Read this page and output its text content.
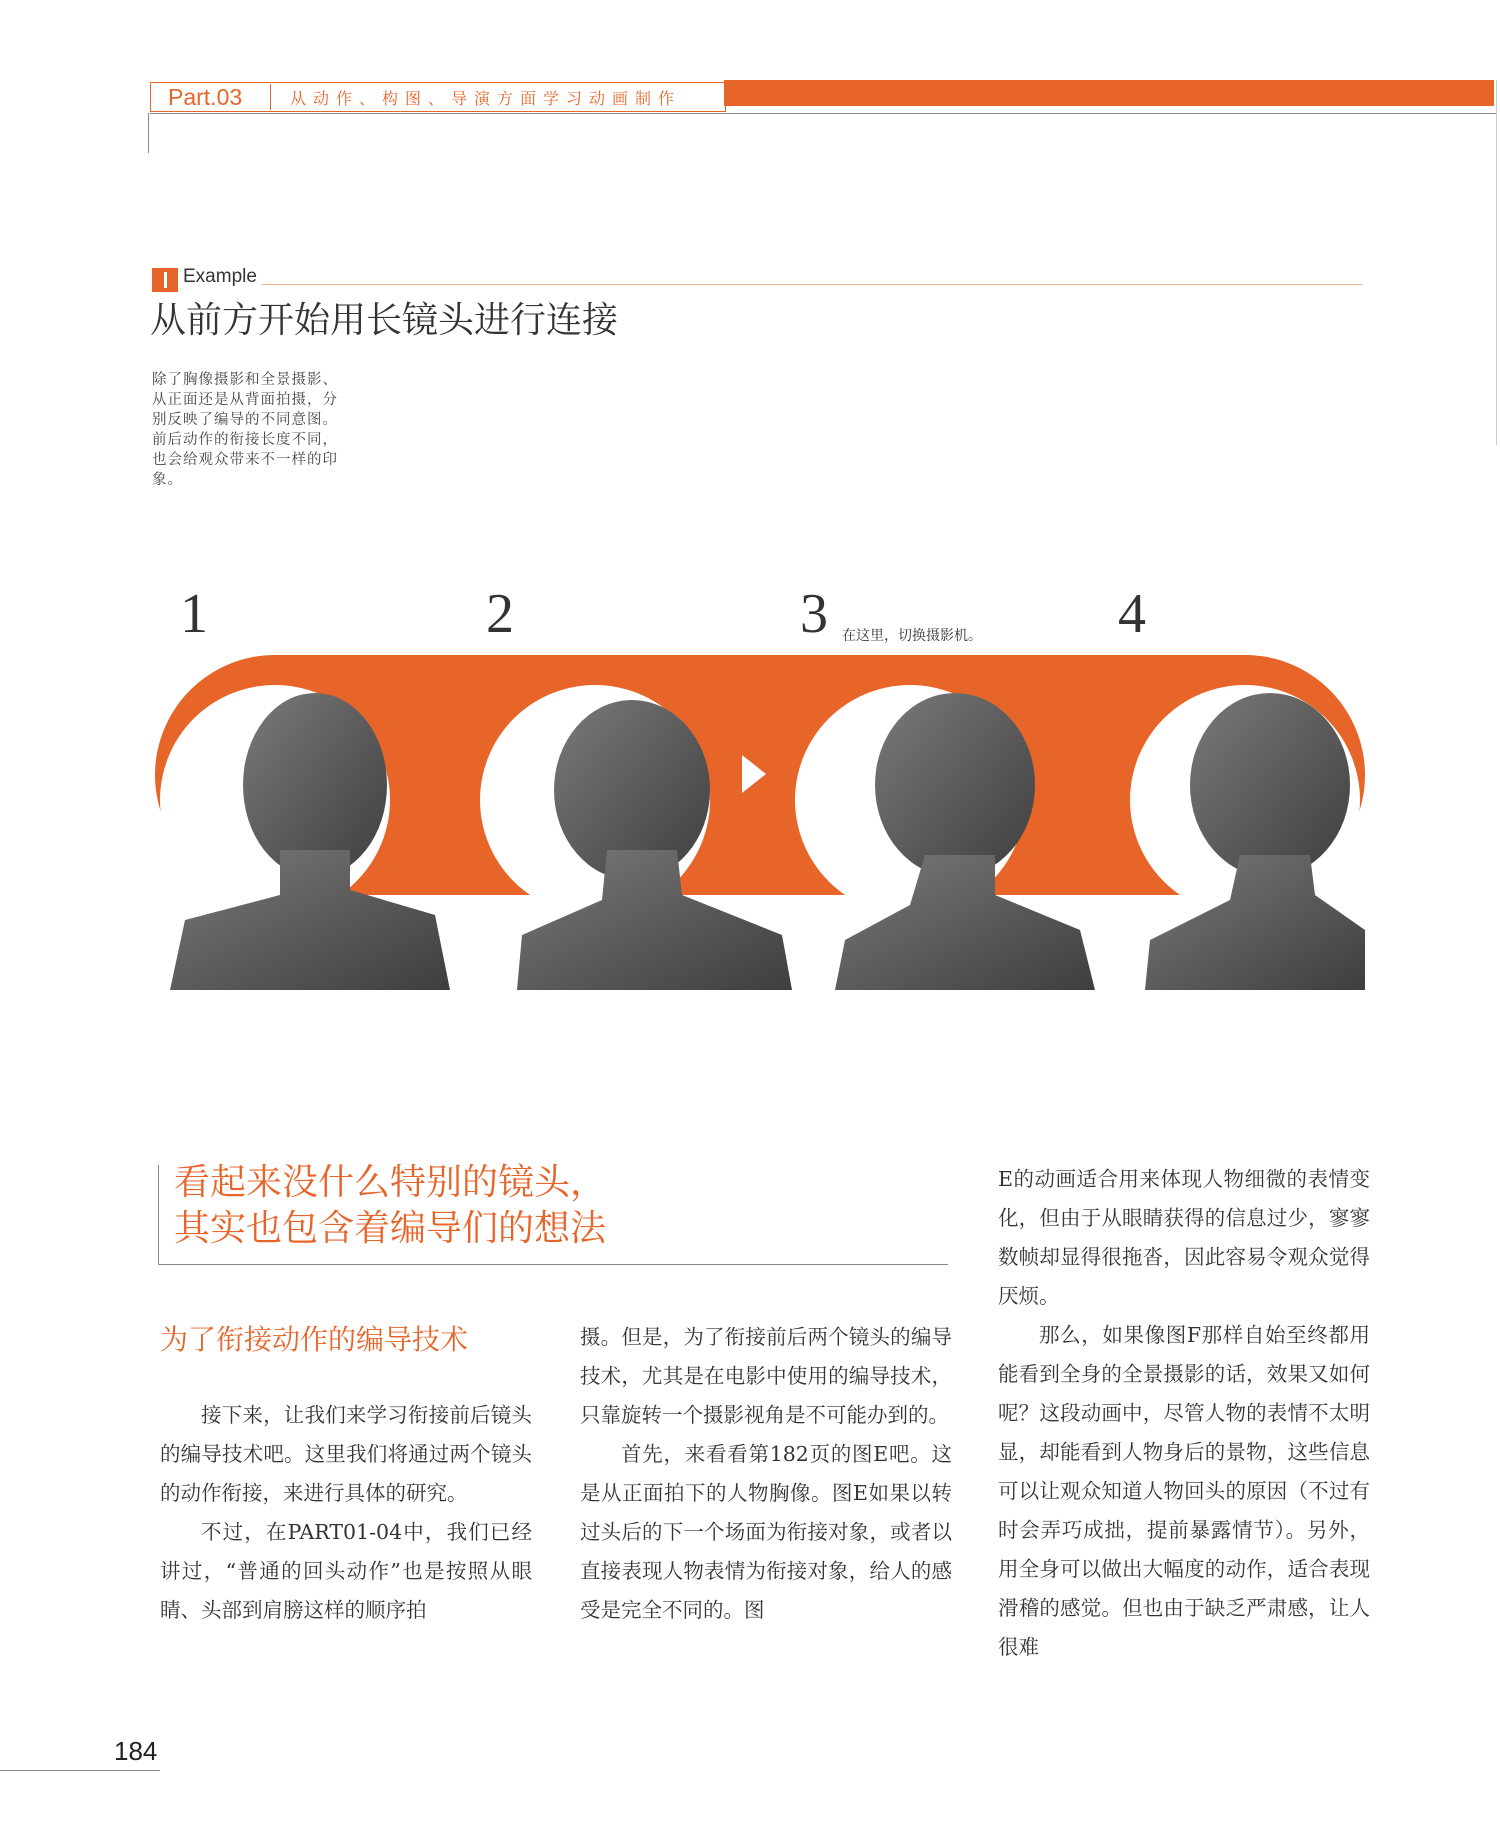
Part.03	从动作、构图、导演方面学习动画制作
Example
从前方开始用长镜头进行连接
除了胸像摄影和全景摄影、从正面还是从背面拍摄，分别反映了编导的不同意图。前后动作的衔接长度不同，也会给观众带来不一样的印象。
1	2	3	4
在这里，切换摄影机。
看起来没什么特别的镜头，
其实也包含着编导们的想法
为了衔接动作的编导技术

接下来，让我们来学习衔接前后镜头的编导技术吧。这里我们将通过两个镜头的动作衔接，来进行具体的研究。

不过，在PART01-04中，我们已经讲过，“普通的回头动作”也是按照从眼睛、头部到肩膀这样的顺序拍

摄。但是，为了衔接前后两个镜头的编导技术，尤其是在电影中使用的编导技术，只靠旋转一个摄影视角是不可能办到的。

首先，来看看第182页的图E吧。这是从正面拍下的人物胸像。图E如果以转过头后的下一个场面为衔接对象，或者以直接表现人物表情为衔接对象，给人的感受是完全不同的。图

E的动画适合用来体现人物细微的表情变化，但由于从眼睛获得的信息过少，寥寥数帧却显得很拖沓，因此容易令观众觉得厌烦。

那么，如果像图F那样自始至终都用能看到全身的全景摄影的话，效果又如何呢？这段动画中，尽管人物的表情不太明显，却能看到人物身后的景物，这些信息可以让观众知道人物回头的原因（不过有时会弄巧成拙，提前暴露情节）。另外，用全身可以做出大幅度的动作，适合表现滑稽的感觉。但也由于缺乏严肃感，让人很难

184
